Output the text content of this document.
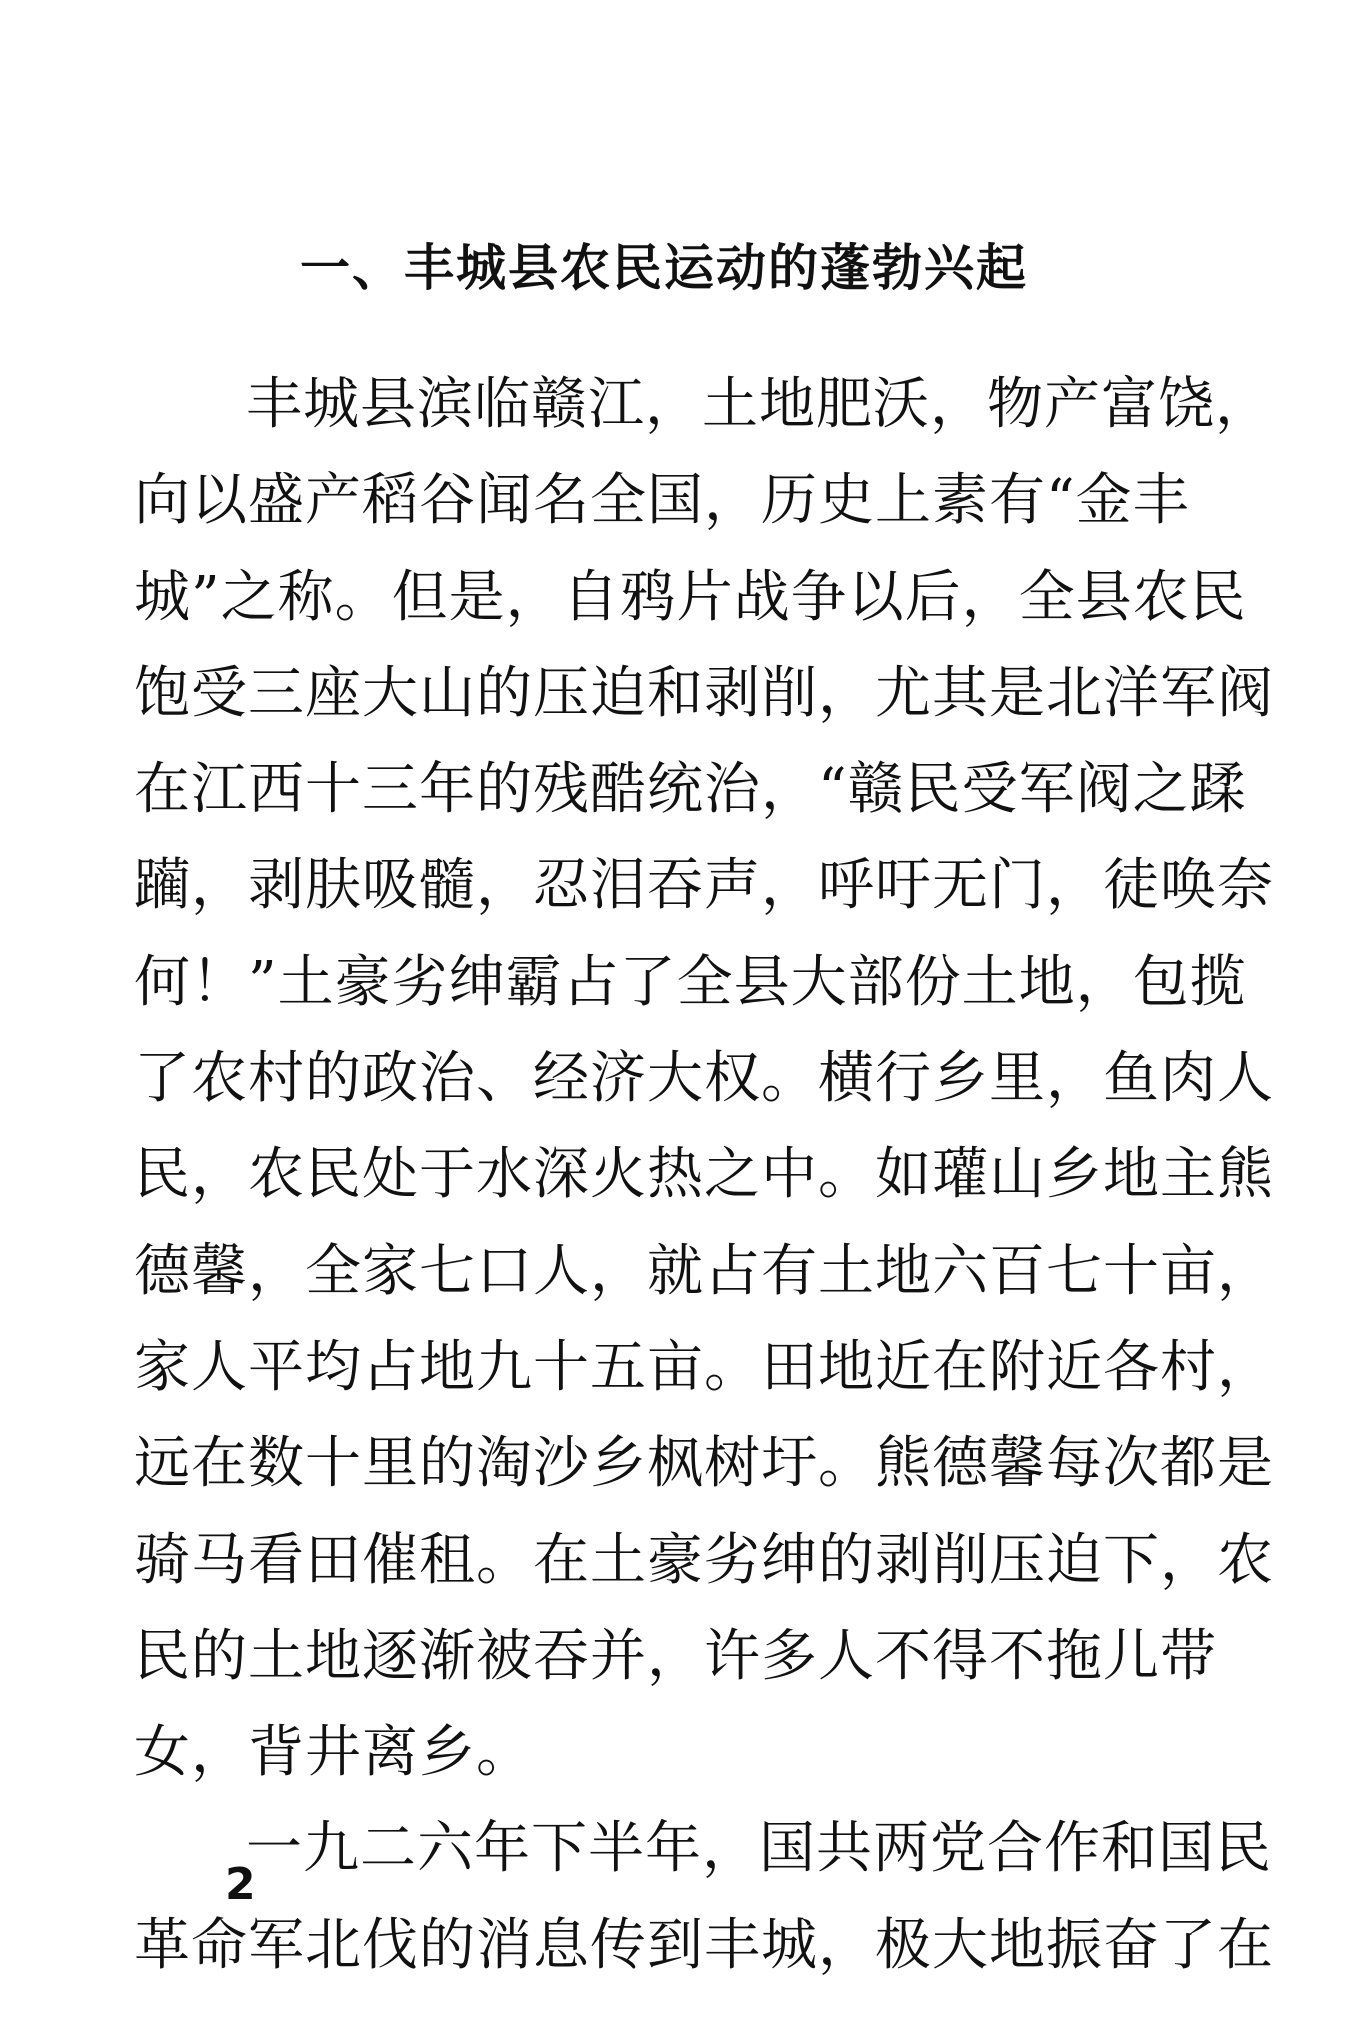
一、丰城县农民运动的蓬勃兴起
丰城县滨临赣江，土地肥沃，物产富饶，
向以盛产稻谷闻名全国，历史上素有“金丰
城”之称。但是，自鸦片战争以后，全县农民
饱受三座大山的压迫和剥削，尤其是北洋军阀
在江西十三年的残酷统治，“赣民受军阀之蹂
躏，剥肤吸髓，忍泪吞声，呼吁无门，徒唤奈
何！”土豪劣绅霸占了全县大部份土地，包揽
了农村的政治、经济大权。横行乡里，鱼肉人
民，农民处于水深火热之中。如瓘山乡地主熊
德馨，全家七口人，就占有土地六百七十亩，
家人平均占地九十五亩。田地近在附近各村，
远在数十里的淘沙乡枫树圩。熊德馨每次都是
骑马看田催租。在土豪劣绅的剥削压迫下，农
民的土地逐渐被吞并，许多人不得不拖儿带
女，背井离乡。
一九二六年下半年，国共两党合作和国民
革命军北伐的消息传到丰城，极大地振奋了在
2
